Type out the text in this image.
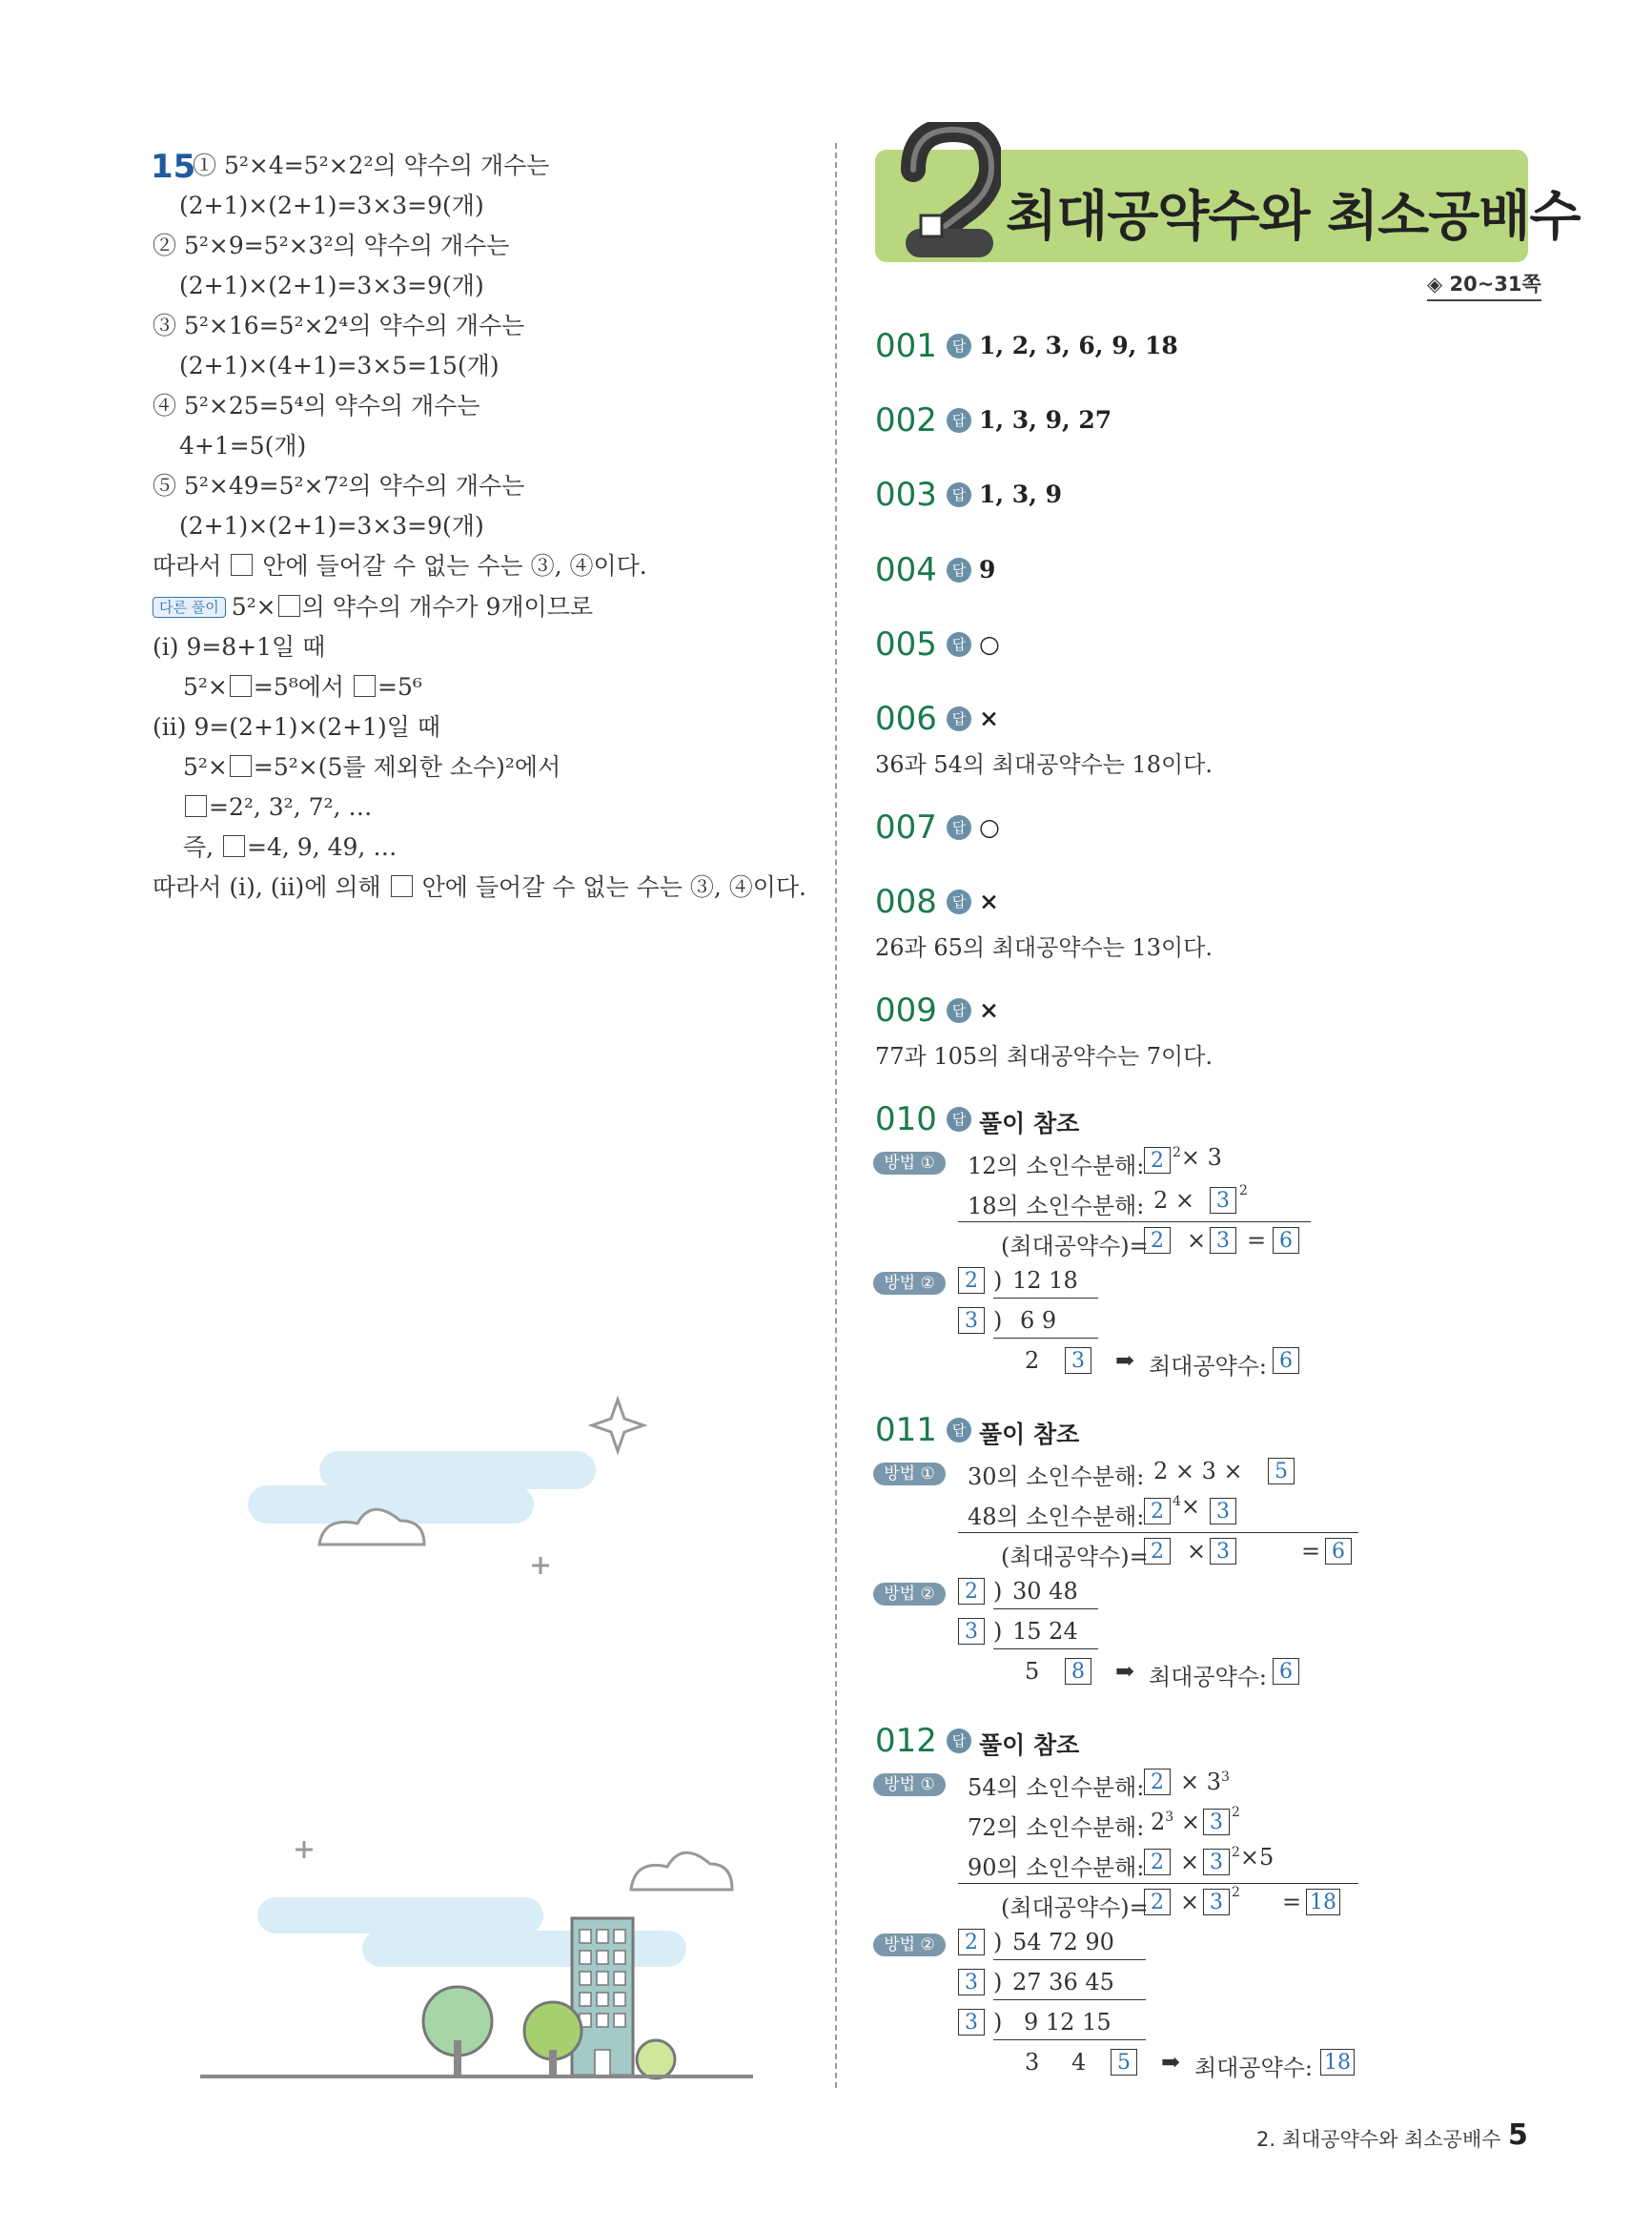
15
① 5²×4=5²×2²의 약수의 개수는
(2+1)×(2+1)=3×3=9(개)
② 5²×9=5²×3²의 약수의 개수는
(2+1)×(2+1)=3×3=9(개)
③ 5²×16=5²×2⁴의 약수의 개수는
(2+1)×(4+1)=3×5=15(개)
④ 5²×25=5⁴의 약수의 개수는
4+1=5(개)
⑤ 5²×49=5²×7²의 약수의 개수는
(2+1)×(2+1)=3×3=9(개)
따라서 안에 들어갈 수 없는 수는 ③, ④이다.
다른 풀이 5²× 의 약수의 개수가 9개이므로
(i) 9=8+1일 때
5²× =5⁸에서 =5⁶
(ii) 9=(2+1)×(2+1)일 때
5²× =5²×(5를 제외한 소수)²에서
=2², 3², 7², …
즉, =4, 9, 49, …
따라서 (i), (ii)에 의해 안에 들어갈 수 없는 수는 ③, ④이다.
최대공약수와 최소공배수
◈ 20~31쪽
001	답 1, 2, 3, 6, 9, 18
002	답 1, 3, 9, 27
003	답 1, 3, 9
004	답 9
005	답 ○
006	답 ×
36과 54의 최대공약수는 18이다.
007	답 ○
008	답 ×
26과 65의 최대공약수는 13이다.
009	답 ×
77과 105의 최대공약수는 7이다.
010	답 풀이 참조
방법 ①	12의 소인수분해: 2 $^2$× 3
18의 소인수분해: 2 ×	3 $^2$
(최대공약수)= 2 × 3 = 6
방법 ②	2 ) 12 18
3 ) 6 9
2	3 ➡ 최대공약수: 6
011	답 풀이 참조
방법 ①	30의 소인수분해: 2 × 3 ×	5
48의 소인수분해: 2 $^4$× 3
(최대공약수)= 2 × 3	= 6
방법 ②	2 ) 30 48
3 ) 15 24
5	8 ➡ 최대공약수: 6
012	답 풀이 참조
방법 ①	54의 소인수분해: $2 \times 3^3$
72의 소인수분해: $2^3 \times 3$ $^2$
90의 소인수분해: 2 × 3 $^2$×5
(최대공약수)= 2 × 3 $^2$ = 18
방법 ②	2 ) 54 72 90
3 ) 27 36 45
3 ) 9 12 15
3 4	5 ➡ 최대공약수: 18
2. 최대공약수와 최소공배수 5
